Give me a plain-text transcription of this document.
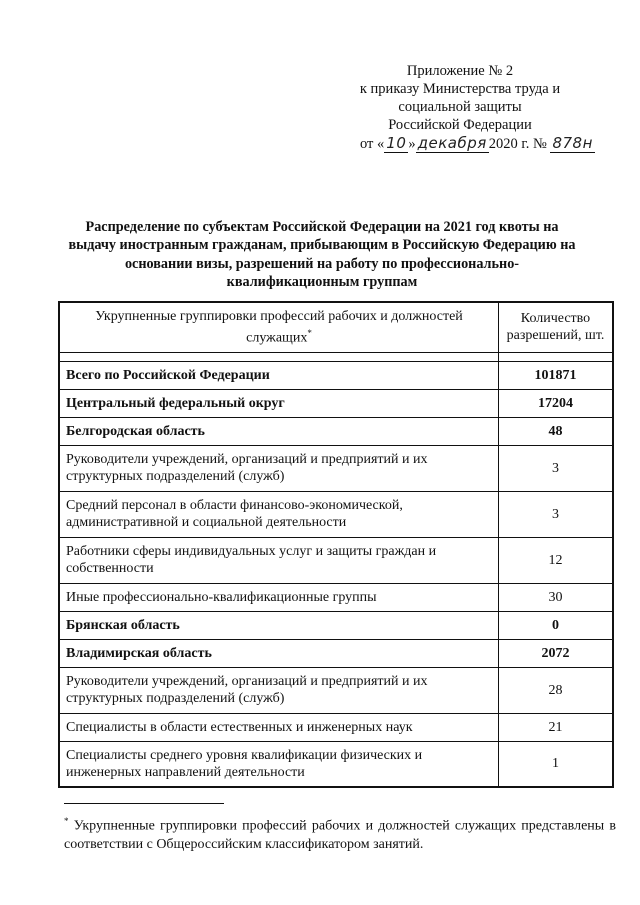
Приложение № 2
к приказу Министерства труда и
социальной защиты
Российской Федерации
от « 10 » декабря 2020 г. № 878н
Распределение по субъектам Российской Федерации на 2021 год квоты на выдачу иностранным гражданам, прибывающим в Российскую Федерацию на основании визы, разрешений на работу по профессионально-квалификационным группам
Укрупненные группировки профессий рабочих и должностей служащих*	Количество
разрешений, шт.

Всего по Российской Федерации	101871
Центральный федеральный округ	17204
Белгородская область	48
Руководители учреждений, организаций и предприятий и их структурных подразделений (служб)	3
Средний персонал в области финансово-экономической, административной и социальной деятельности	3
Работники сферы индивидуальных услуг и защиты граждан и собственности	12
Иные профессионально-квалификационные группы	30
Брянская область	0
Владимирская область	2072
Руководители учреждений, организаций и предприятий и их структурных подразделений (служб)	28
Специалисты в области естественных и инженерных наук	21
Специалисты среднего уровня квалификации физических и инженерных направлений деятельности	1
* Укрупненные группировки профессий рабочих и должностей служащих представлены в соответствии с Общероссийским классификатором занятий.
